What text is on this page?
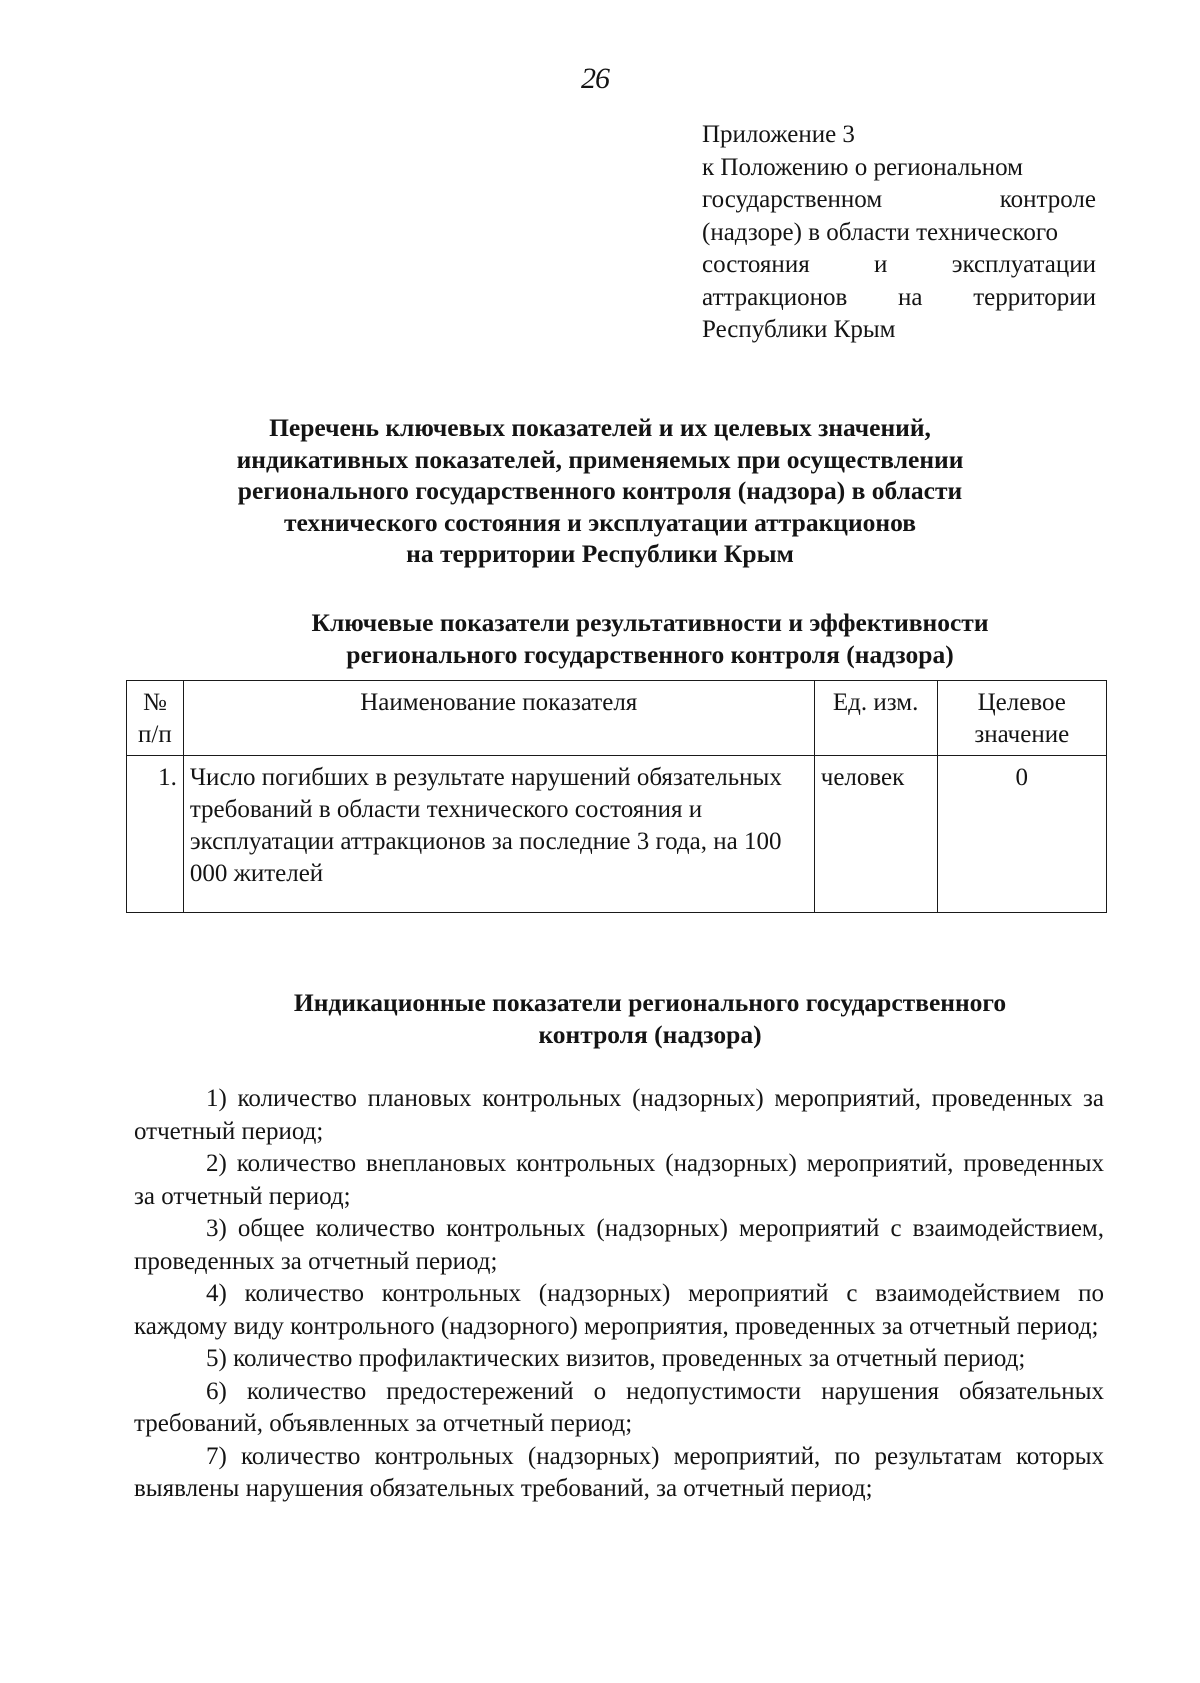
26
Приложение 3
к Положению о региональном
государственном контроле
(надзоре) в области технического
состояния и эксплуатации
аттракционов на территории
Республики Крым
Перечень ключевых показателей и их целевых значений,
индикативных показателей, применяемых при осуществлении
регионального государственного контроля (надзора) в области
технического состояния и эксплуатации аттракционов
на территории Республики Крым
Ключевые показатели результативности и эффективности
регионального государственного контроля (надзора)
№ п/п	Наименование показателя	Ед. изм.	Целевое значение
1.	Число погибших в результате нарушений обязательных требований в области технического состояния и эксплуатации аттракционов за последние 3 года, на 100 000 жителей	человек	0
Индикационные показатели регионального государственного
контроля (надзора)

1) количество плановых контрольных (надзорных) мероприятий, проведенных за отчетный период;

2) количество внеплановых контрольных (надзорных) мероприятий, проведенных за отчетный период;

3) общее количество контрольных (надзорных) мероприятий с взаимодействием, проведенных за отчетный период;

4) количество контрольных (надзорных) мероприятий с взаимодействием по каждому виду контрольного (надзорного) мероприятия, проведенных за отчетный период;

5) количество профилактических визитов, проведенных за отчетный период;

6) количество предостережений о недопустимости нарушения обязательных требований, объявленных за отчетный период;

7) количество контрольных (надзорных) мероприятий, по результатам которых выявлены нарушения обязательных требований, за отчетный период;
